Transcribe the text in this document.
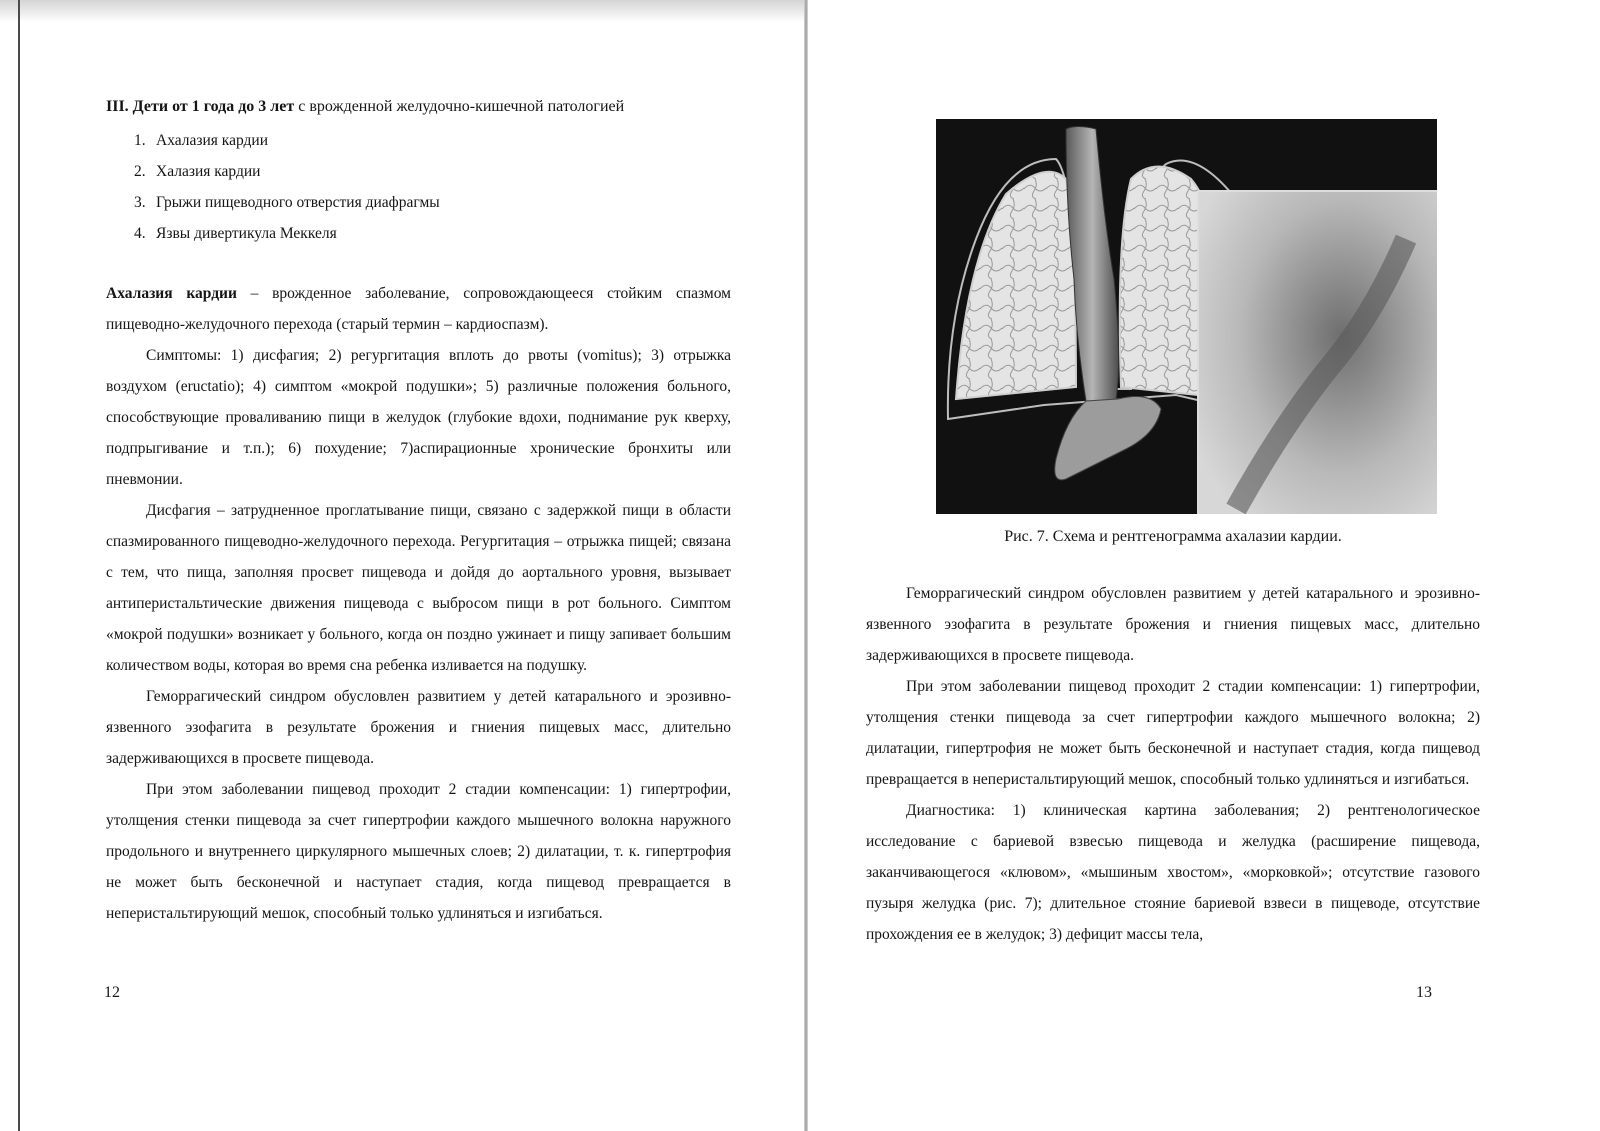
III. Дети от 1 года до 3 лет с врожденной желудочно-кишечной патологией
1. Ахалазия кардии
2. Халазия кардии
3. Грыжи пищеводного отверстия диафрагмы
4. Язвы дивертикула Меккеля

Ахалазия кардии – врожденное заболевание, сопровождающееся стойким спазмом пищеводно-желудочного перехода (старый термин – кардиоспазм).

Симптомы: 1) дисфагия; 2) регургитация вплоть до рвоты (vomitus); 3) отрыжка воздухом (eructatio); 4) симптом «мокрой подушки»; 5) различные положения больного, способствующие проваливанию пищи в желудок (глубокие вдохи, поднимание рук кверху, подпрыгивание и т.п.); 6) похудение; 7)аспирационные хронические бронхиты или пневмонии.

Дисфагия – затрудненное проглатывание пищи, связано с задержкой пищи в области спазмированного пищеводно-желудочного перехода. Регургитация – отрыжка пищей; связана с тем, что пища, заполняя просвет пищевода и дойдя до аортального уровня, вызывает антиперистальтические движения пищевода с выбросом пищи в рот больного. Симптом «мокрой подушки» возникает у больного, когда он поздно ужинает и пищу запивает большим количеством воды, которая во время сна ребенка изливается на подушку.

Геморрагический синдром обусловлен развитием у детей катарального и эрозивно-язвенного эзофагита в результате брожения и гниения пищевых масс, длительно задерживающихся в просвете пищевода.

При этом заболевании пищевод проходит 2 стадии компенсации: 1) гипертрофии, утолщения стенки пищевода за счет гипертрофии каждого мышечного волокна наружного продольного и внутреннего циркулярного мышечных слоев; 2) дилатации, т. к. гипертрофия не может быть бесконечной и наступает стадия, когда пищевод превращается в неперистальтирующий мешок, способный только удлиняться и изгибаться.

12
Рис. 7. Схема и рентгенограмма ахалазии кардии.

Геморрагический синдром обусловлен развитием у детей катарального и эрозивно-язвенного эзофагита в результате брожения и гниения пищевых масс, длительно задерживающихся в просвете пищевода.

При этом заболевании пищевод проходит 2 стадии компенсации: 1) гипертрофии, утолщения стенки пищевода за счет гипертрофии каждого мышечного волокна; 2) дилатации, гипертрофия не может быть бесконечной и наступает стадия, когда пищевод превращается в неперистальтирующий мешок, способный только удлиняться и изгибаться.

Диагностика: 1) клиническая картина заболевания; 2) рентгенологическое исследование с бариевой взвесью пищевода и желудка (расширение пищевода, заканчивающегося «клювом», «мышиным хвостом», «морковкой»; отсутствие газового пузыря желудка (рис. 7); длительное стояние бариевой взвеси в пищеводе, отсутствие прохождения ее в желудок; 3) дефицит массы тела,

13
